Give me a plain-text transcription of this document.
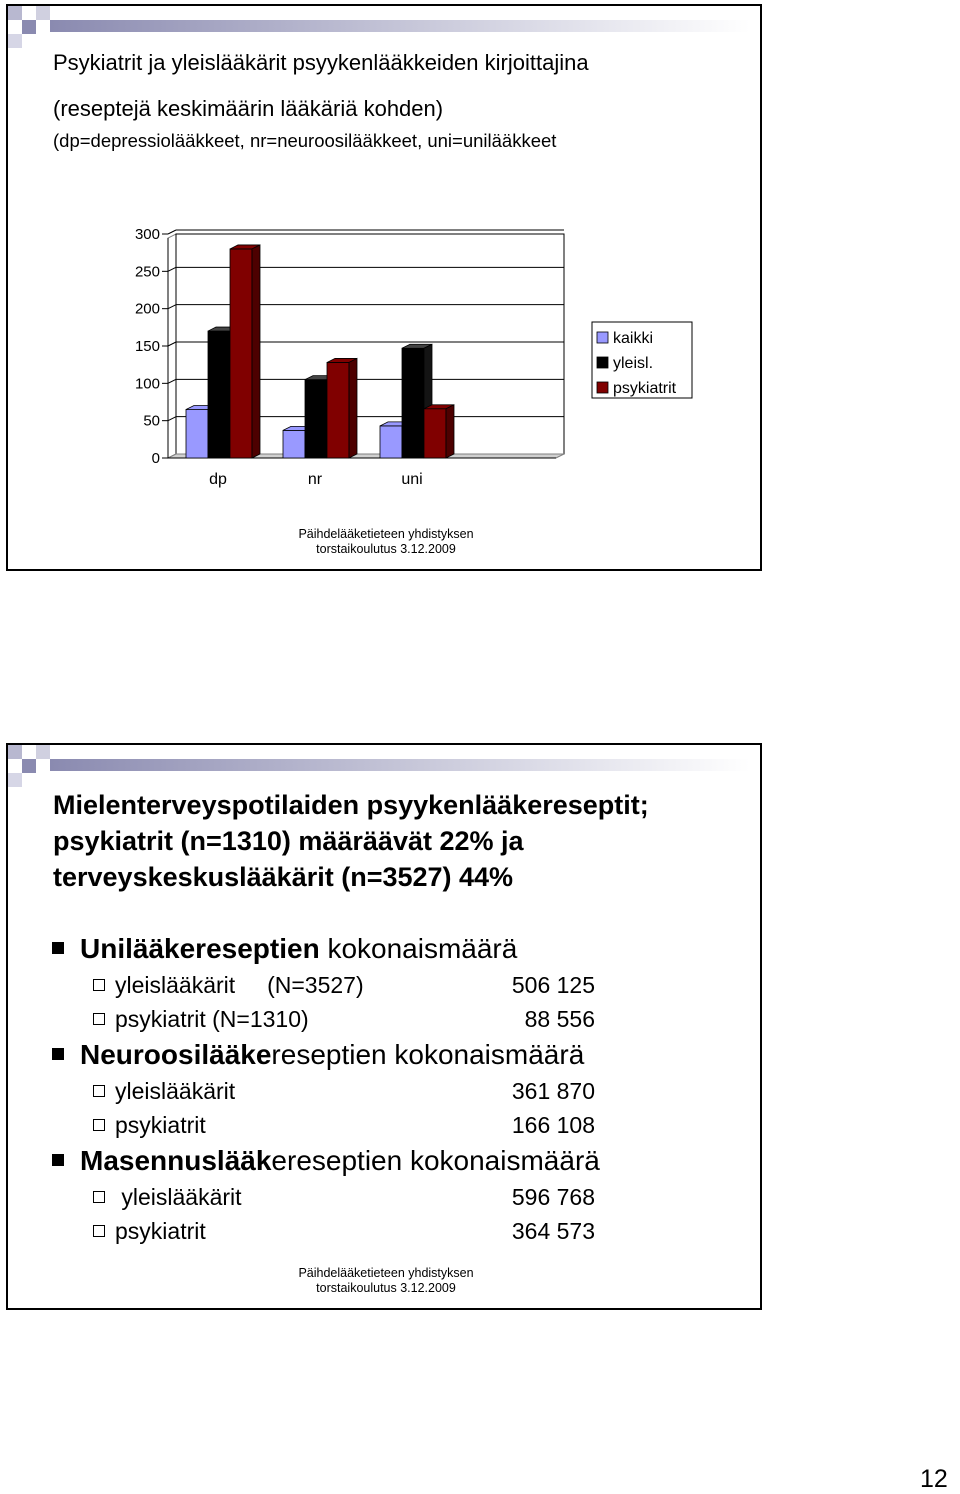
Psykiatrit ja yleislääkärit psyykenlääkkeiden kirjoittajina
(reseptejä keskimäärin lääkäriä kohden)
(dp=depressiolääkkeet, nr=neuroosilääkkeet, uni=unilääkkeet
0
50
100
150
200
250
300
dp	nr	uni
kaikki
yleisl.
psykiatrit
Päihdelääketieteen yhdistyksen
torstaikoulutus 3.12.2009
Mielenterveyspotilaiden psyykenlääkereseptit;
psykiatrit (n=1310) määräävät 22% ja
terveyskeskuslääkärit (n=3527) 44%
Unilääkereseptien kokonaismäärä
yleislääkärit     (N=3527)	506 125
psykiatrit (N=1310)	88 556
Neuroosilääkereseptien kokonaismäärä
yleislääkärit	361 870
psykiatrit	166 108
Masennuslääkereseptien kokonaismäärä
yleislääkärit	596 768
psykiatrit	364 573
Päihdelääketieteen yhdistyksen
torstaikoulutus 3.12.2009
12
